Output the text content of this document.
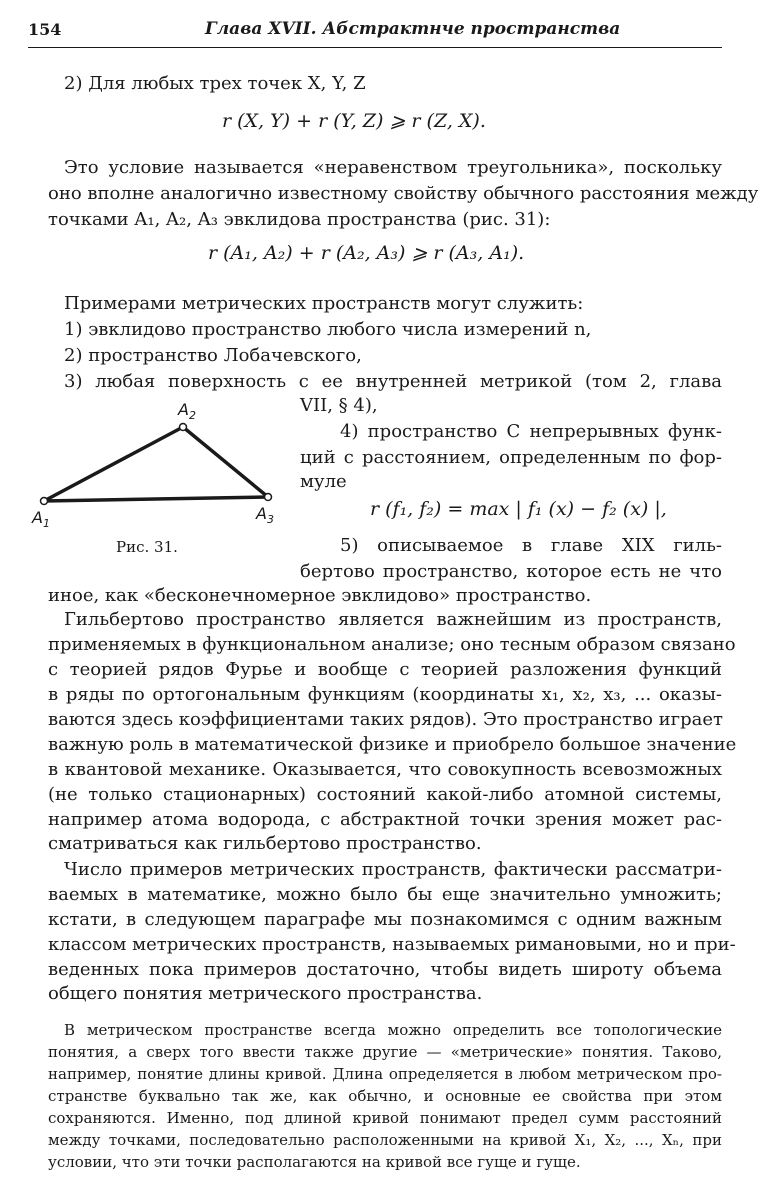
154	Глава XVII. Абстрактнче пространства
2) Для любых трех точек X, Y, Z
r (X, Y) + r (Y, Z) ⩾ r (Z, X).
Это условие называется «неравенством треугольника», поскольку
оно вполне аналогично известному свойству обычного расстояния между
точками A₁, A₂, A₃ эвклидова пространства (рис. 31):
r (A₁, A₂) + r (A₂, A₃) ⩾ r (A₃, A₁).
Примерами метрических пространств могут служить:
1) эвклидово пространство любого числа измерений n,
2) пространство Лобачевского,
3) любая поверхность с ее внутренней метрикой (том 2, глава
VII, § 4),
4) пространство C непрерывных функ-
ций с расстоянием, определенным по фор-
муле
r (f₁, f₂) = max | f₁ (x) − f₂ (x) |,
5) описываемое в главе XIX гиль-
бертово пространство, которое есть не что
иное, как «бесконечномерное эвклидово» пространство.
$A_2$
$A_1$
$A_3$
Рис. 31.
Гильбертово пространство является важнейшим из пространств,
применяемых в функциональном анализе; оно тесным образом связано
с теорией рядов Фурье и вообще с теорией разложения функций
в ряды по ортогональным функциям (координаты x₁, x₂, x₃, ... оказы-
ваются здесь коэффициентами таких рядов). Это пространство играет
важную роль в математической физике и приобрело большое значение
в квантовой механике. Оказывается, что совокупность всевозможных
(не только стационарных) состояний какой-либо атомной системы,
например атома водорода, с абстрактной точки зрения может рас-
сматриваться как гильбертово пространство.
Число примеров метрических пространств, фактически рассматри-
ваемых в математике, можно было бы еще значительно умножить;
кстати, в следующем параграфе мы познакомимся с одним важным
классом метрических пространств, называемых римановыми, но и при-
веденных пока примеров достаточно, чтобы видеть широту объема
общего понятия метрического пространства.
В метрическом пространстве всегда можно определить все топологические
понятия, а сверх того ввести также другие — «метрические» понятия. Таково,
например, понятие длины кривой. Длина определяется в любом метрическом про-
странстве буквально так же, как обычно, и основные ее свойства при этом
сохраняются. Именно, под длиной кривой понимают предел сумм расстояний
между точками, последовательно расположенными на кривой X₁, X₂, ..., Xₙ, при
условии, что эти точки располагаются на кривой все гуще и гуще.
